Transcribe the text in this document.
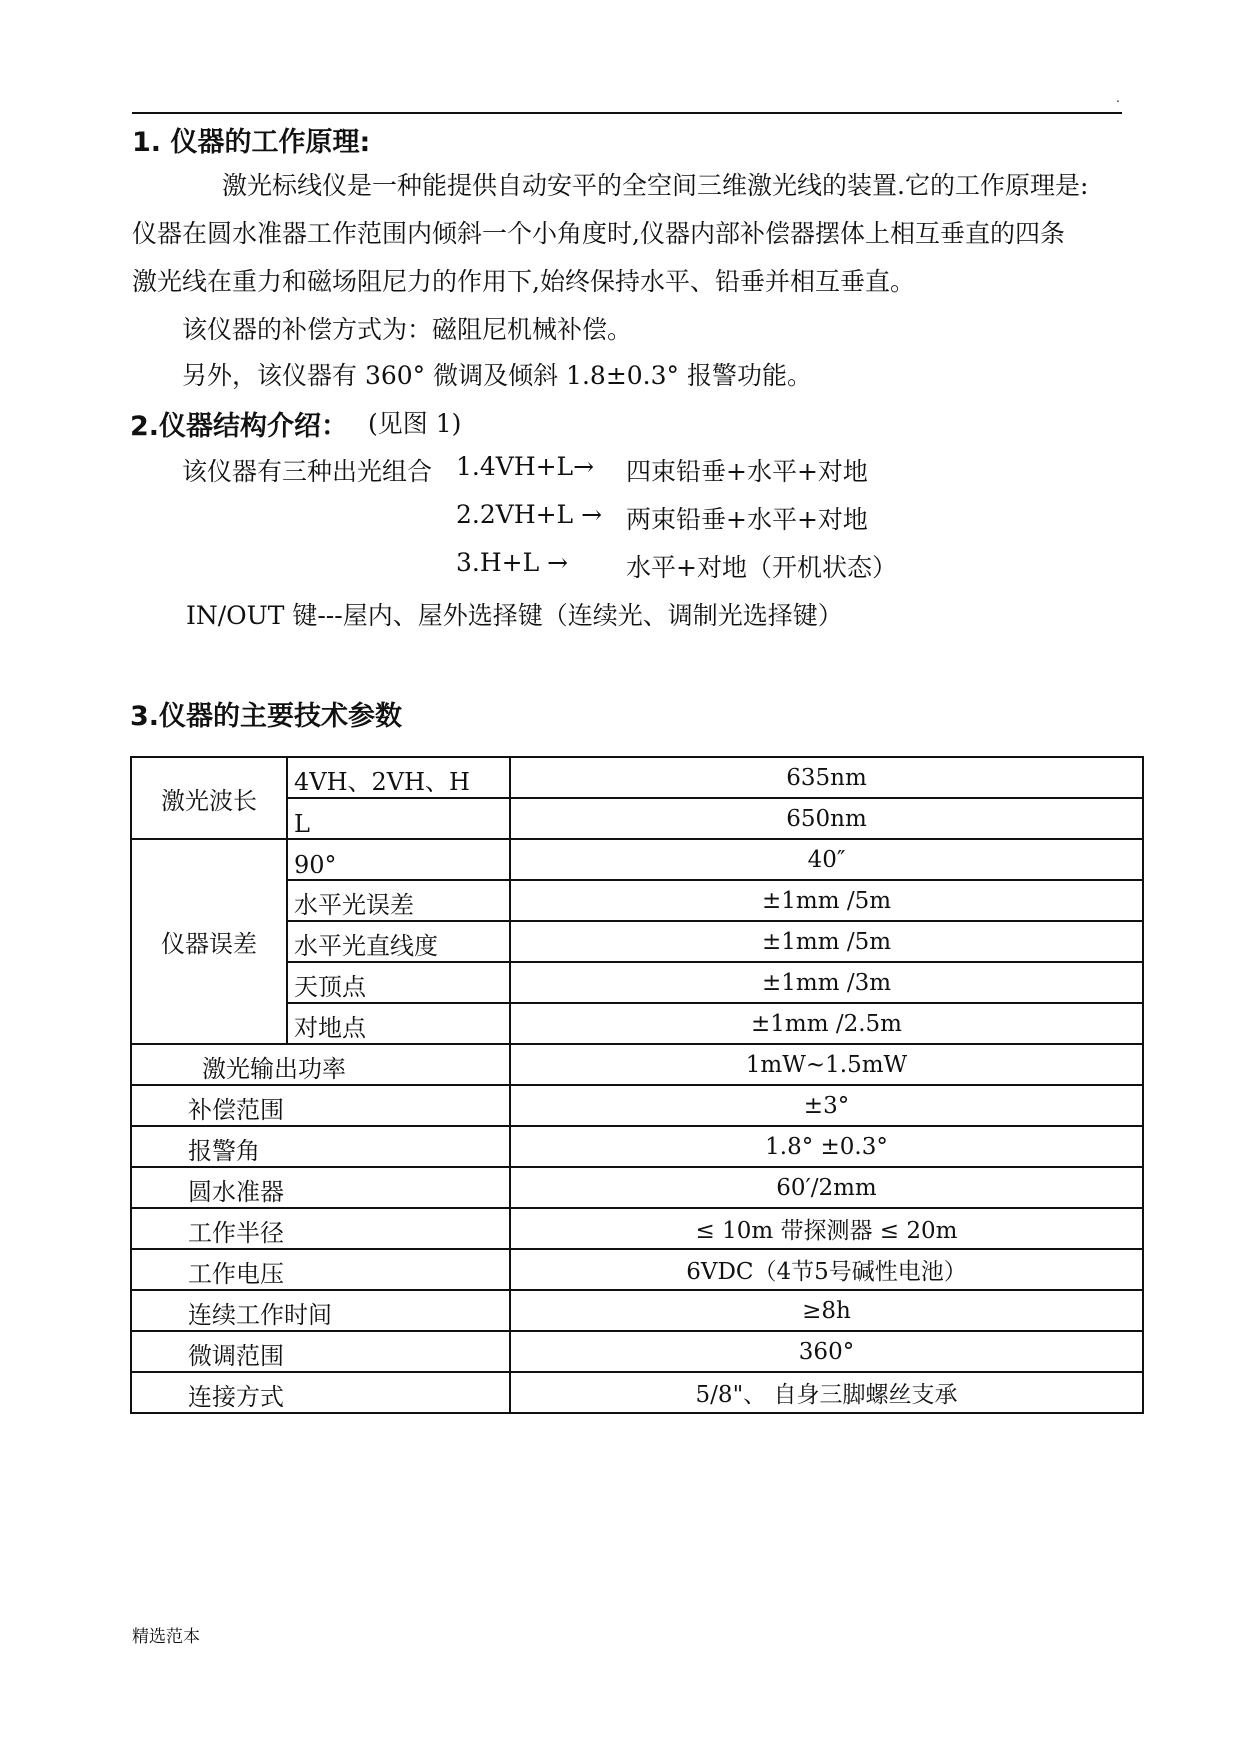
.
1. 仪器的工作原理:
激光标线仪是一种能提供自动安平的全空间三维激光线的装置.它的工作原理是:
仪器在圆水准器工作范围内倾斜一个小角度时,仪器内部补偿器摆体上相互垂直的四条
激光线在重力和磁场阻尼力的作用下,始终保持水平、铅垂并相互垂直。
该仪器的补偿方式为：磁阻尼机械补偿。
另外，该仪器有 360° 微调及倾斜 1.8±0.3° 报警功能。
2.仪器结构介绍： (见图 1)
该仪器有三种出光组合 1.4VH+L→ 四束铅垂+水平+对地
2.2VH+L → 两束铅垂+水平+对地
3.H+L → 水平+对地（开机状态）
IN/OUT 键---屋内、屋外选择键（连续光、调制光选择键）
3.仪器的主要技术参数
激光波长	4VH、2VH、H	635nm
	L	650nm
仪器误差	90°	40″
	水平光误差	±1mm /5m
	水平光直线度	±1mm /5m
	天顶点	±1mm /3m
	对地点	±1mm /2.5m
激光输出功率		1mW~1.5mW
补偿范围		±3°
报警角		1.8° ±0.3°
圆水准器		60′/2mm
工作半径		≤ 10m 带探测器 ≤ 20m
工作电压		6VDC（4节5号碱性电池）
连续工作时间		≥8h
微调范围		360°
连接方式		5/8"、 自身三脚螺丝支承
精选范本
